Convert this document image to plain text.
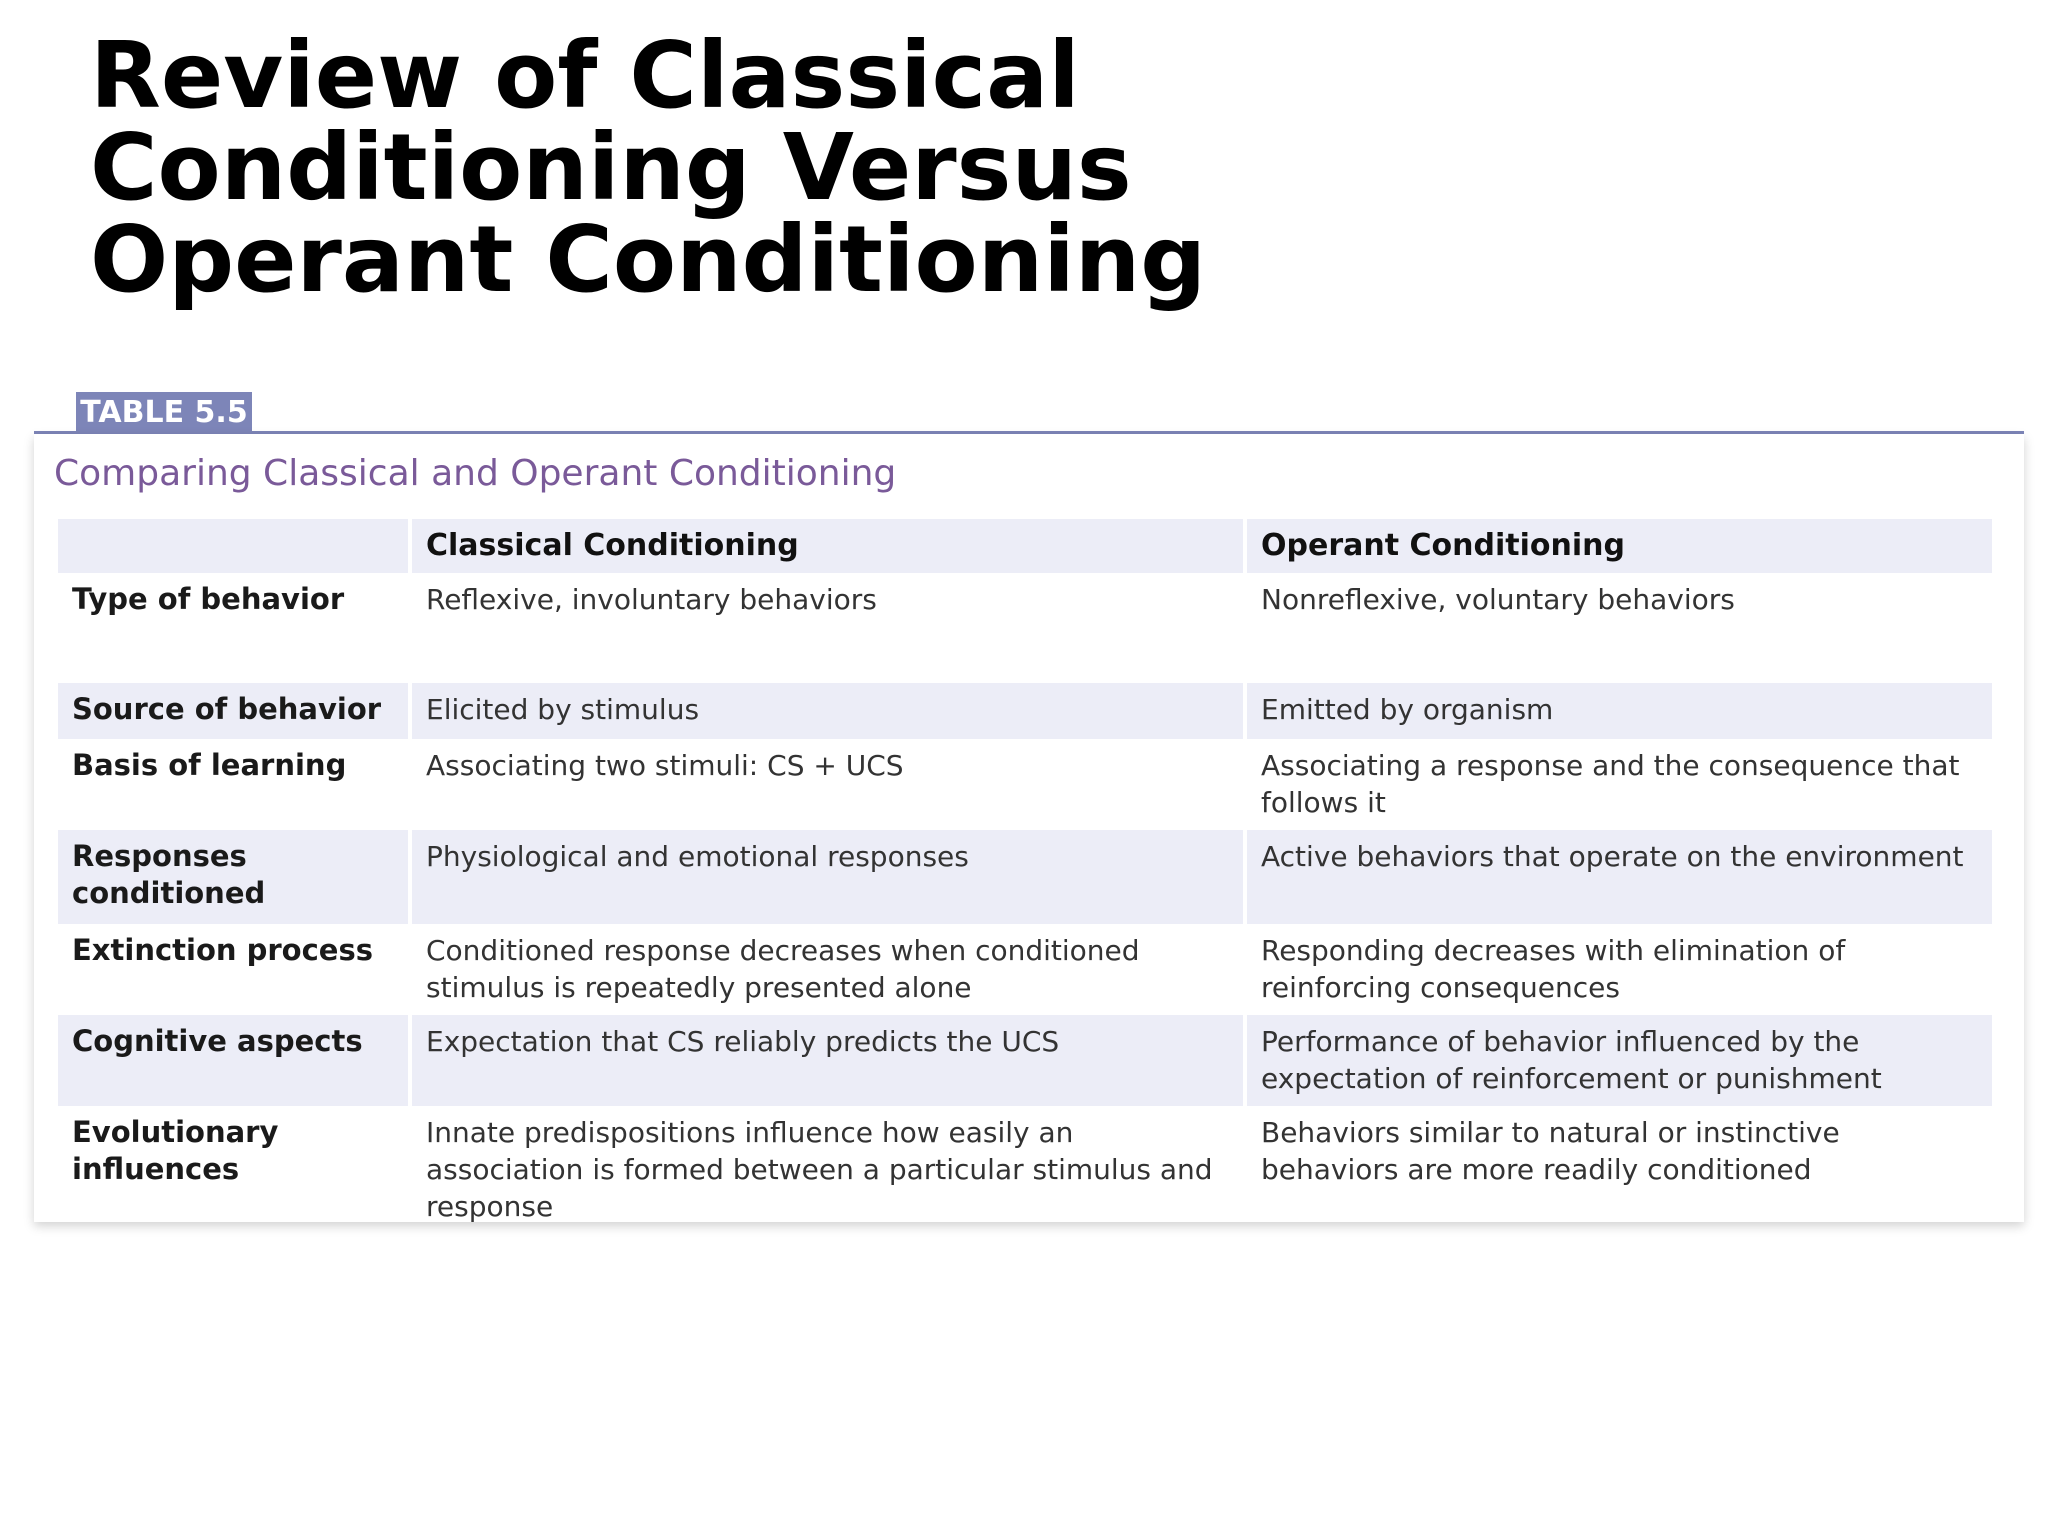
Review of Classical
Conditioning Versus
Operant Conditioning
TABLE 5.5
Comparing Classical and Operant Conditioning
	Classical Conditioning	Operant Conditioning
Type of behavior	Reflexive, involuntary behaviors	Nonreflexive, voluntary behaviors
Source of behavior	Elicited by stimulus	Emitted by organism
Basis of learning	Associating two stimuli: CS + UCS	Associating a response and the consequence that follows it
Responses conditioned	Physiological and emotional responses	Active behaviors that operate on the environment
Extinction process	Conditioned response decreases when conditioned stimulus is repeatedly presented alone	Responding decreases with elimination of reinforcing consequences
Cognitive aspects	Expectation that CS reliably predicts the UCS	Performance of behavior influenced by the expectation of reinforcement or punishment
Evolutionary influences	Innate predispositions influence how easily an association is formed between a particular stimulus and response	Behaviors similar to natural or instinctive behaviors are more readily conditioned
